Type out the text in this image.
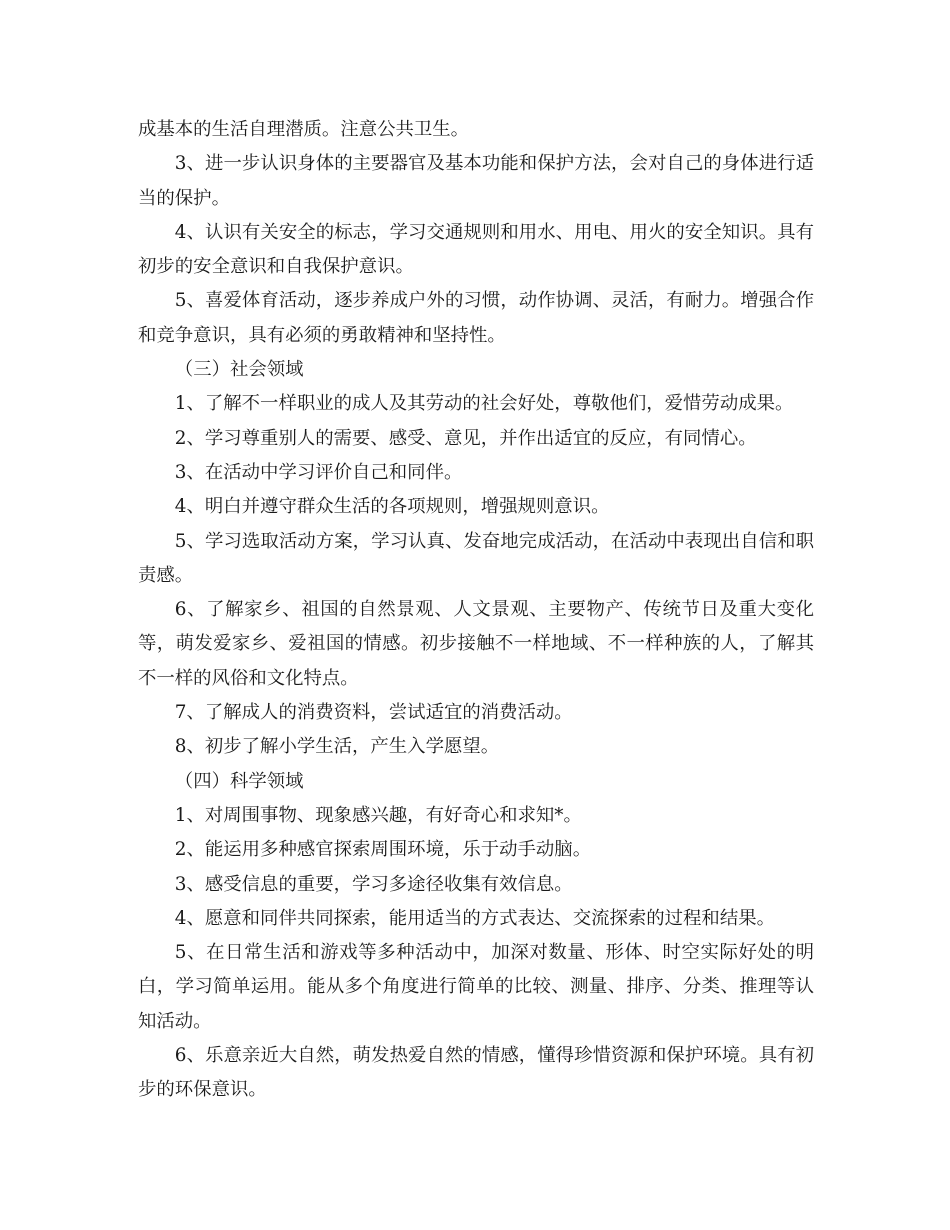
成基本的生活自理潜质。注意公共卫生。

3、进一步认识身体的主要器官及基本功能和保护方法，会对自己的身体进行适当的保护。

4、认识有关安全的标志，学习交通规则和用水、用电、用火的安全知识。具有初步的安全意识和自我保护意识。

5、喜爱体育活动，逐步养成户外的习惯，动作协调、灵活，有耐力。增强合作和竞争意识，具有必须的勇敢精神和坚持性。

（三）社会领域

1、了解不一样职业的成人及其劳动的社会好处，尊敬他们，爱惜劳动成果。

2、学习尊重别人的需要、感受、意见，并作出适宜的反应，有同情心。

3、在活动中学习评价自己和同伴。

4、明白并遵守群众生活的各项规则，增强规则意识。

5、学习选取活动方案，学习认真、发奋地完成活动，在活动中表现出自信和职责感。

6、了解家乡、祖国的自然景观、人文景观、主要物产、传统节日及重大变化等，萌发爱家乡、爱祖国的情感。初步接触不一样地域、不一样种族的人，了解其不一样的风俗和文化特点。

7、了解成人的消费资料，尝试适宜的消费活动。

8、初步了解小学生活，产生入学愿望。

（四）科学领域

1、对周围事物、现象感兴趣，有好奇心和求知*。

2、能运用多种感官探索周围环境，乐于动手动脑。

3、感受信息的重要，学习多途径收集有效信息。

4、愿意和同伴共同探索，能用适当的方式表达、交流探索的过程和结果。

5、在日常生活和游戏等多种活动中，加深对数量、形体、时空实际好处的明白，学习简单运用。能从多个角度进行简单的比较、测量、排序、分类、推理等认知活动。

6、乐意亲近大自然，萌发热爱自然的情感，懂得珍惜资源和保护环境。具有初步的环保意识。
